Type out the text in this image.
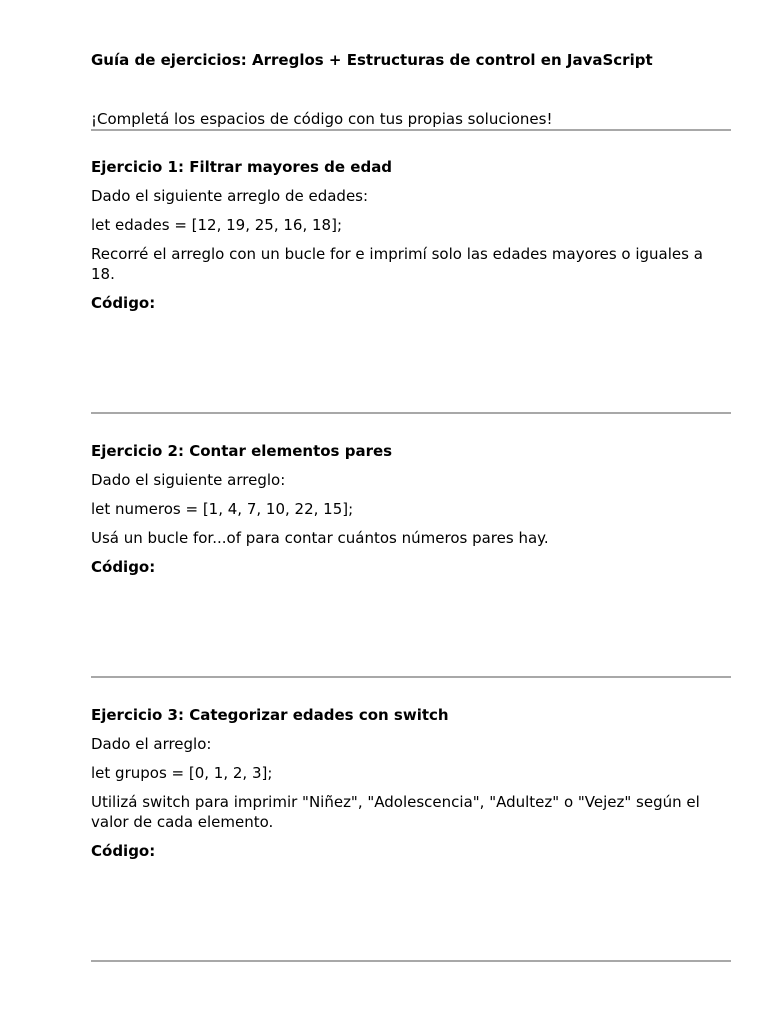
Guía de ejercicios: Arreglos + Estructuras de control en JavaScript

¡Completá los espacios de código con tus propias soluciones!

Ejercicio 1: Filtrar mayores de edad

Dado el siguiente arreglo de edades:

let edades = [12, 19, 25, 16, 18];

Recorré el arreglo con un bucle for e imprimí solo las edades mayores o iguales a 18.

Código:

Ejercicio 2: Contar elementos pares

Dado el siguiente arreglo:

let numeros = [1, 4, 7, 10, 22, 15];

Usá un bucle for...of para contar cuántos números pares hay.

Código:

Ejercicio 3: Categorizar edades con switch

Dado el arreglo:

let grupos = [0, 1, 2, 3];

Utilizá switch para imprimir "Niñez", "Adolescencia", "Adultez" o "Vejez" según el valor de cada elemento.

Código:
